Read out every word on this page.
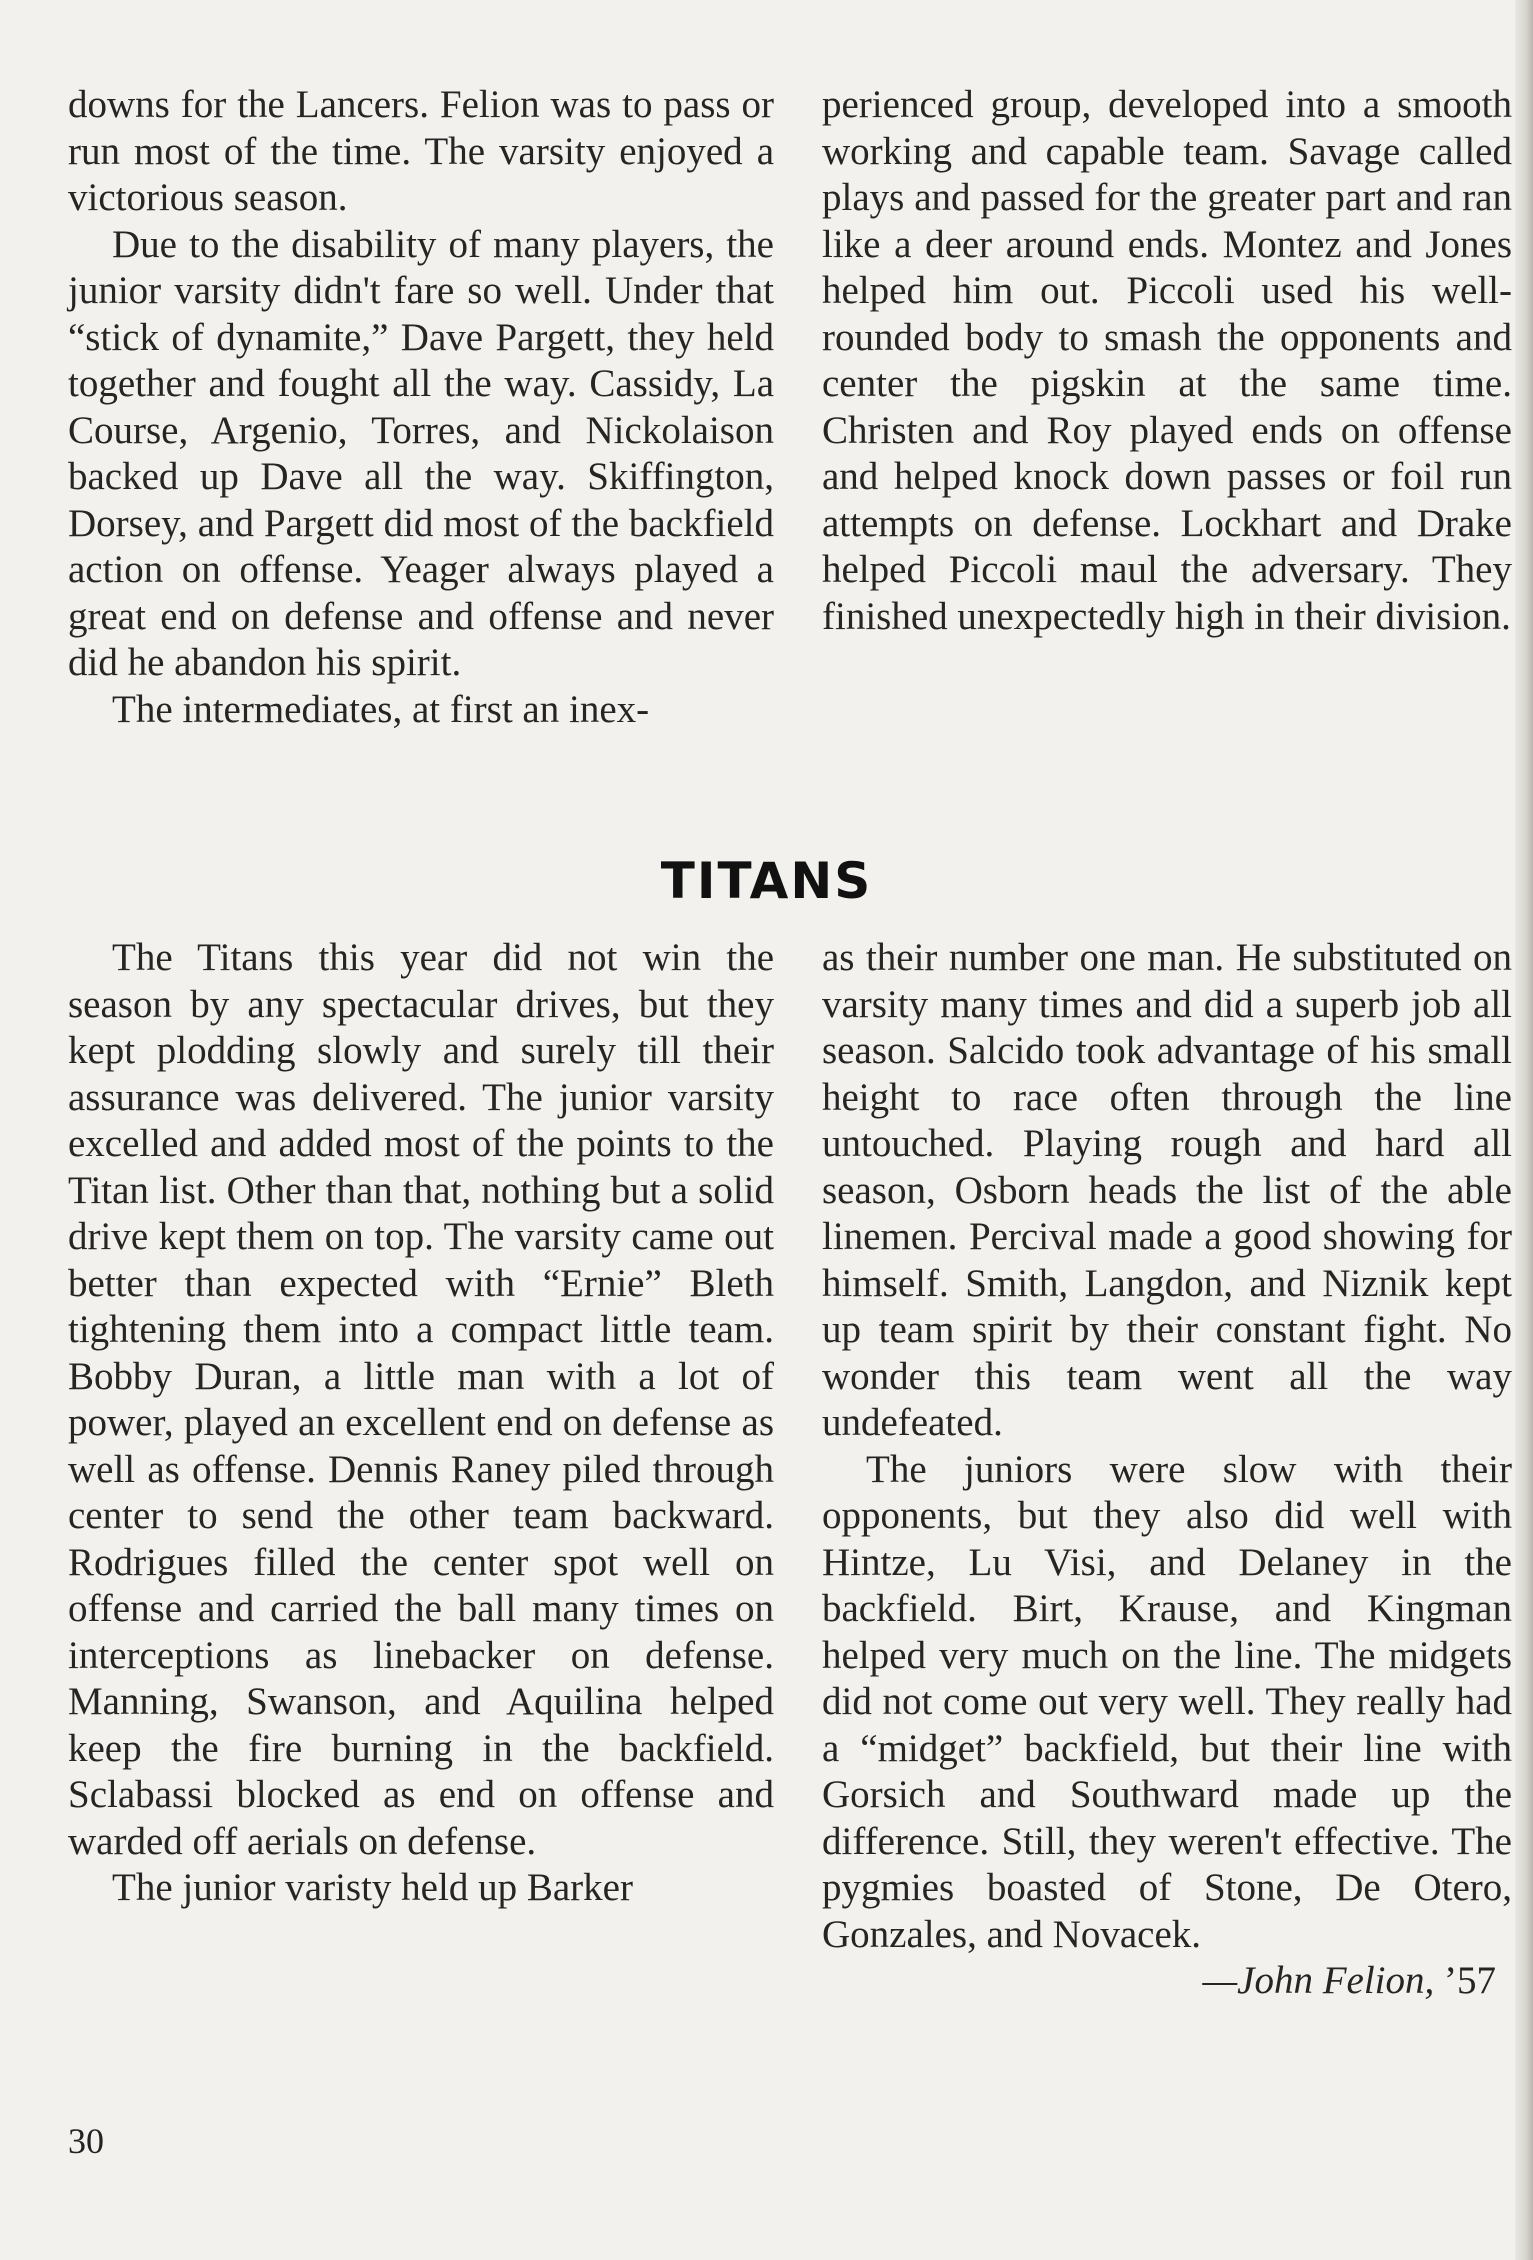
downs for the Lancers. Felion was to pass or run most of the time. The varsity enjoyed a victorious season.

Due to the disability of many players, the junior varsity didn't fare so well. Under that “stick of dynamite,” Dave Pargett, they held together and fought all the way. Cassidy, La Course, Argenio, Torres, and Nickolaison backed up Dave all the way. Skiffington, Dorsey, and Pargett did most of the backfield action on offense. Yeager always played a great end on defense and offense and never did he abandon his spirit.

The intermediates, at first an inex-

perienced group, developed into a smooth working and capable team. Savage called plays and passed for the greater part and ran like a deer around ends. Montez and Jones helped him out. Piccoli used his well-rounded body to smash the opponents and center the pigskin at the same time. Christen and Roy played ends on offense and helped knock down passes or foil run attempts on defense. Lockhart and Drake helped Piccoli maul the adversary. They finished unexpectedly high in their division.

TITANS

The Titans this year did not win the season by any spectacular drives, but they kept plodding slowly and surely till their assurance was delivered. The junior varsity excelled and added most of the points to the Titan list. Other than that, nothing but a solid drive kept them on top. The varsity came out better than expected with “Ernie” Bleth tightening them into a compact little team. Bobby Duran, a little man with a lot of power, played an excellent end on defense as well as offense. Dennis Raney piled through center to send the other team backward. Rodrigues filled the center spot well on offense and carried the ball many times on interceptions as linebacker on defense. Manning, Swanson, and Aquilina helped keep the fire burning in the backfield. Sclabassi blocked as end on offense and warded off aerials on defense.

The junior varisty held up Barker

as their number one man. He substituted on varsity many times and did a superb job all season. Salcido took advantage of his small height to race often through the line untouched. Playing rough and hard all season, Osborn heads the list of the able linemen. Percival made a good showing for himself. Smith, Langdon, and Niznik kept up team spirit by their constant fight. No wonder this team went all the way undefeated.

The juniors were slow with their opponents, but they also did well with Hintze, Lu Visi, and Delaney in the backfield. Birt, Krause, and Kingman helped very much on the line. The midgets did not come out very well. They really had a “midget” backfield, but their line with Gorsich and Southward made up the difference. Still, they weren't effective. The pygmies boasted of Stone, De Otero, Gonzales, and Novacek.

—John Felion, ’57
30
